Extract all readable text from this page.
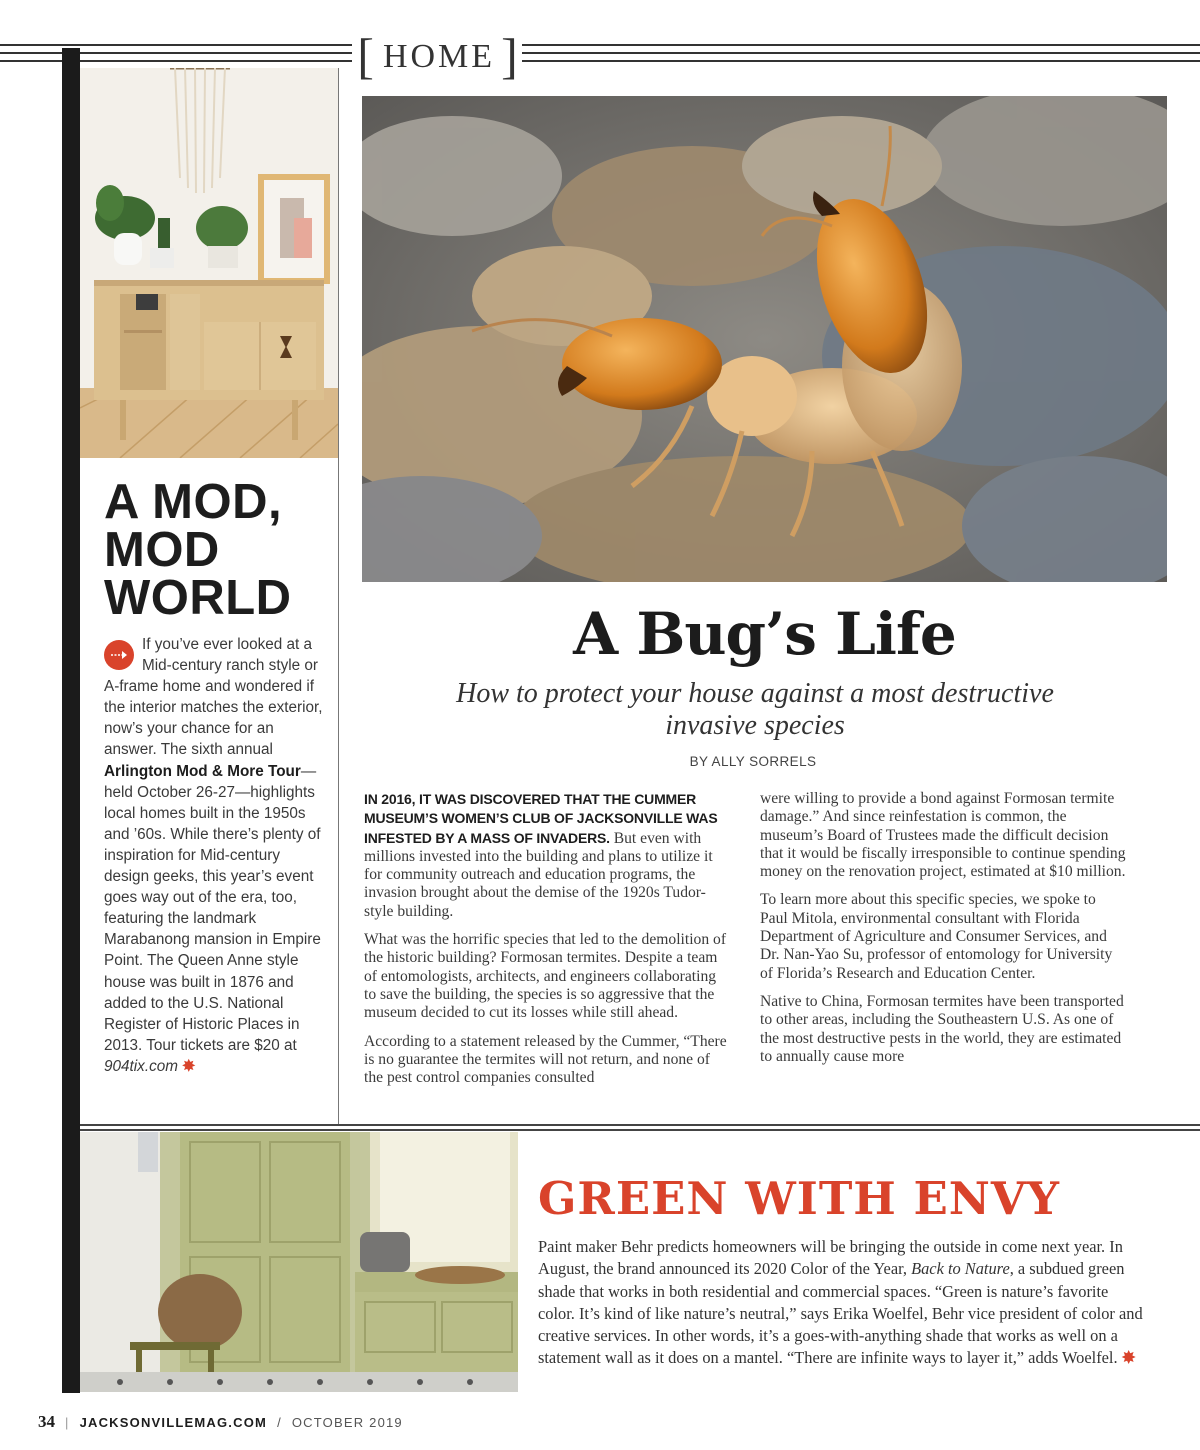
[ HOME ]
A MOD,
MOD
WORLD
If you’ve ever looked at a Mid-century ranch style or A-frame home and wondered if the interior matches the exterior, now’s your chance for an answer. The sixth annual Arlington Mod & More Tour—held October 26-27—highlights local homes built in the 1950s and ’60s. While there’s plenty of inspiration for Mid-century design geeks, this year’s event goes way out of the era, too, featuring the landmark Marabanong mansion in Empire Point. The Queen Anne style house was built in 1876 and added to the U.S. National Register of Historic Places in 2013. Tour tickets are $20 at 904tix.com ✸
A Bug’s Life

How to protect your house against a most destructive invasive species

BY ALLY SORRELS

IN 2016, IT WAS DISCOVERED THAT THE CUMMER MUSEUM’S WOMEN’S CLUB OF JACKSONVILLE WAS INFESTED BY A MASS OF INVADERS. But even with millions invested into the building and plans to utilize it for community outreach and education programs, the invasion brought about the demise of the 1920s Tudor-style building.

What was the horrific species that led to the demolition of the historic building? Formosan termites. Despite a team of entomologists, architects, and engineers collaborating to save the building, the species is so aggressive that the museum decided to cut its losses while still ahead.

According to a statement released by the Cummer, “There is no guarantee the termites will not return, and none of the pest control companies consulted

were willing to provide a bond against Formosan termite damage.” And since reinfestation is common, the museum’s Board of Trustees made the difficult decision that it would be fiscally irresponsible to continue spending money on the renovation project, estimated at $10 million.

To learn more about this specific species, we spoke to Paul Mitola, environmental consultant with Florida Department of Agriculture and Consumer Services, and Dr. Nan-Yao Su, professor of entomology for University of Florida’s Research and Education Center.

Native to China, Formosan termites have been transported to other areas, including the Southeastern U.S. As one of the most destructive pests in the world, they are estimated to annually cause more

GREEN WITH ENVY
Paint maker Behr predicts homeowners will be bringing the outside in come next year. In August, the brand announced its 2020 Color of the Year, Back to Nature, a subdued green shade that works in both residential and commercial spaces. “Green is nature’s favorite color. It’s kind of like nature’s neutral,” says Erika Woelfel, Behr vice president of color and creative services. In other words, it’s a goes-with-anything shade that works as well on a statement wall as it does on a mantel. “There are infinite ways to layer it,” adds Woelfel. ✸
34 | JACKSONVILLEMAG.COM / OCTOBER 2019
